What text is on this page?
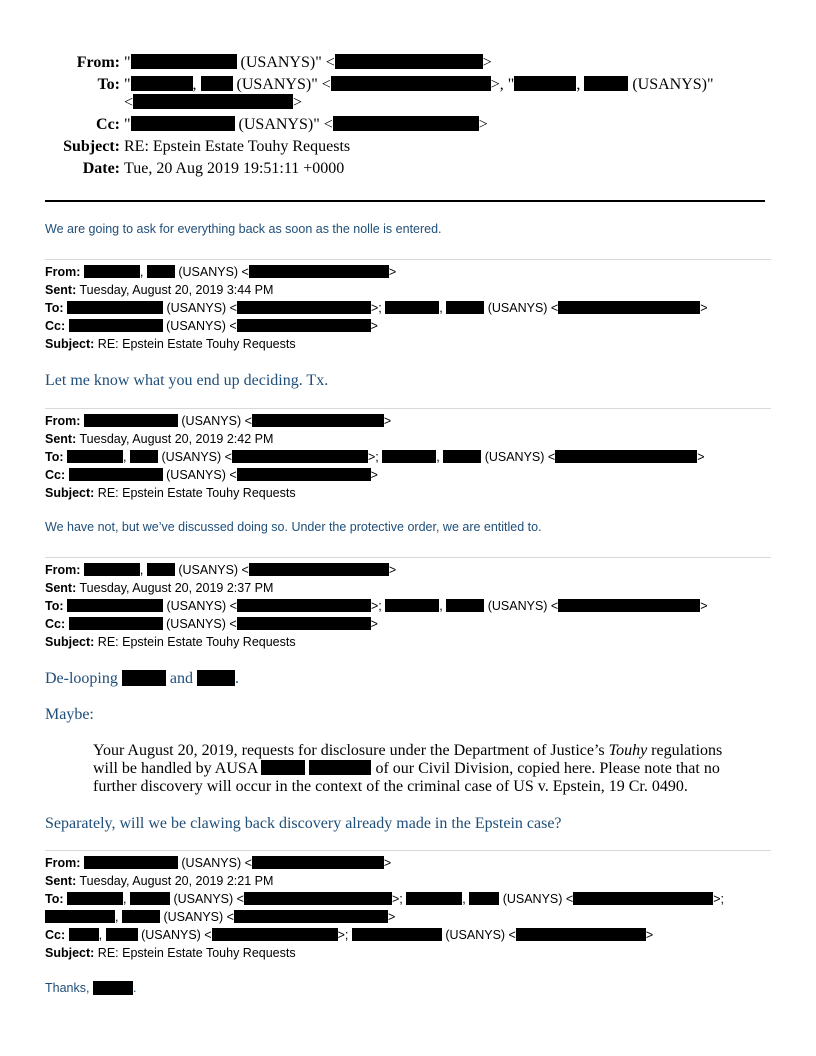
From: "	(USANYS)" <	>
To: "	,	(USANYS)" <	>, "	,	(USANYS)"
<	>
Cc: "	(USANYS)" <	>
Subject: RE: Epstein Estate Touhy Requests
Date: Tue, 20 Aug 2019 19:51:11 +0000
We are going to ask for everything back as soon as the nolle is entered.
From:	,	(USANYS) <	>
Sent: Tuesday, August 20, 2019 3:44 PM
To:	(USANYS) <	>;	,	(USANYS) <	>
Cc:	(USANYS) <	>
Subject: RE: Epstein Estate Touhy Requests
Let me know what you end up deciding. Tx.
From:	(USANYS) <	>
Sent: Tuesday, August 20, 2019 2:42 PM
To:	,	(USANYS) <	>;	,	(USANYS) <	>
Cc:	(USANYS) <	>
Subject: RE: Epstein Estate Touhy Requests
We have not, but we’ve discussed doing so. Under the protective order, we are entitled to.
From:	,	(USANYS) <	>
Sent: Tuesday, August 20, 2019 2:37 PM
To:	(USANYS) <	>;	,	(USANYS) <	>
Cc:	(USANYS) <	>
Subject: RE: Epstein Estate Touhy Requests
De-looping	and	.
Maybe:
Your August 20, 2019, requests for disclosure under the Department of Justice’s Touhy regulations will be handled by AUSA	of our Civil Division, copied here. Please note that no further discovery will occur in the context of the criminal case of US v. Epstein, 19 Cr. 0490.
Separately, will we be clawing back discovery already made in the Epstein case?
From:	(USANYS) <	>
Sent: Tuesday, August 20, 2019 2:21 PM
To:	,	(USANYS) <	>;	,	(USANYS) <	>;
,	(USANYS) <	>
Cc:	,	(USANYS) <	>;	(USANYS) <	>
Subject: RE: Epstein Estate Touhy Requests
Thanks,	.
